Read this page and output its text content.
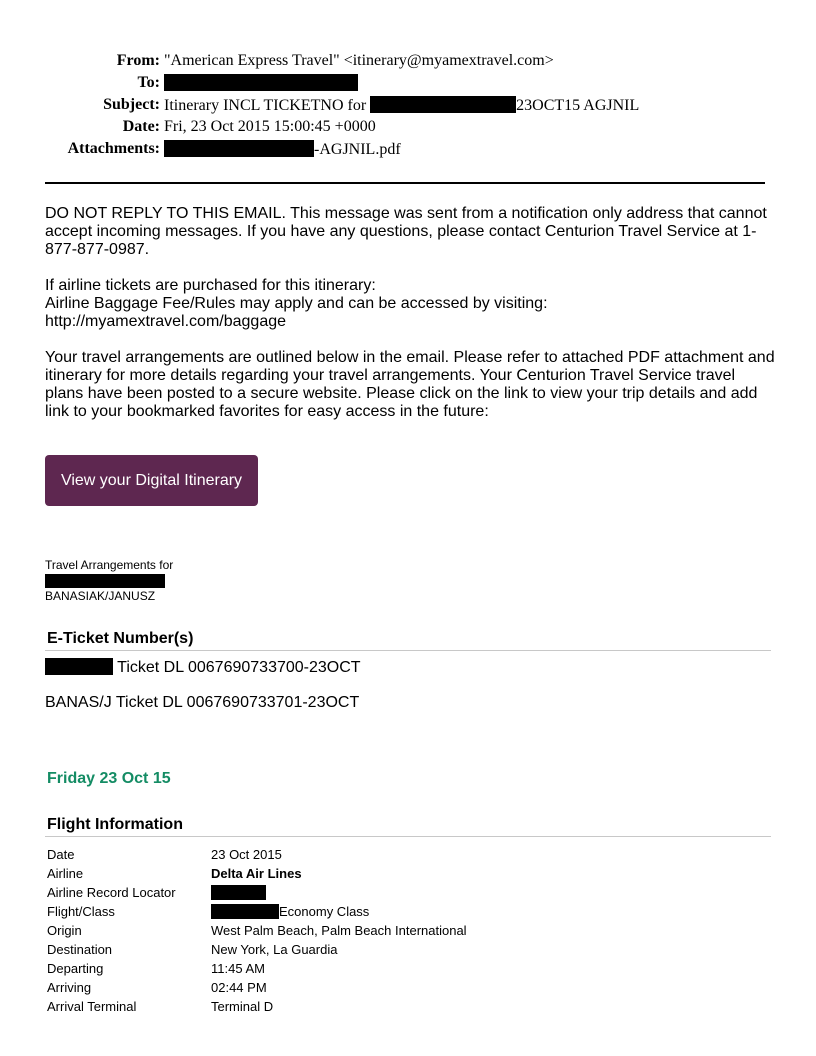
From: "American Express Travel" <itinerary@myamextravel.com>
To:
Subject: Itinerary INCL TICKETNO for	23OCT15 AGJNIL
Date: Fri, 23 Oct 2015 15:00:45 +0000
Attachments:	-AGJNIL.pdf

DO NOT REPLY TO THIS EMAIL. This message was sent from a notification only address that cannot accept incoming messages. If you have any questions, please contact Centurion Travel Service at 1-877-877-0987.

If airline tickets are purchased for this itinerary:
Airline Baggage Fee/Rules may apply and can be accessed by visiting:
http://myamextravel.com/baggage

Your travel arrangements are outlined below in the email. Please refer to attached PDF attachment and itinerary for more details regarding your travel arrangements. Your Centurion Travel Service travel plans have been posted to a secure website. Please click on the link to view your trip details and add link to your bookmarked favorites for easy access in the future:

View your Digital Itinerary
Travel Arrangements for
BANASIAK/JANUSZ
E-Ticket Number(s)
Ticket DL 0067690733700-23OCT
BANAS/J Ticket DL 0067690733701-23OCT
Friday 23 Oct 15
Flight Information
Date	23 Oct 2015
Airline	Delta Air Lines
Airline Record Locator
Flight/Class	Economy Class
Origin	West Palm Beach, Palm Beach International
Destination	New York, La Guardia
Departing	11:45 AM
Arriving	02:44 PM
Arrival Terminal	Terminal D
